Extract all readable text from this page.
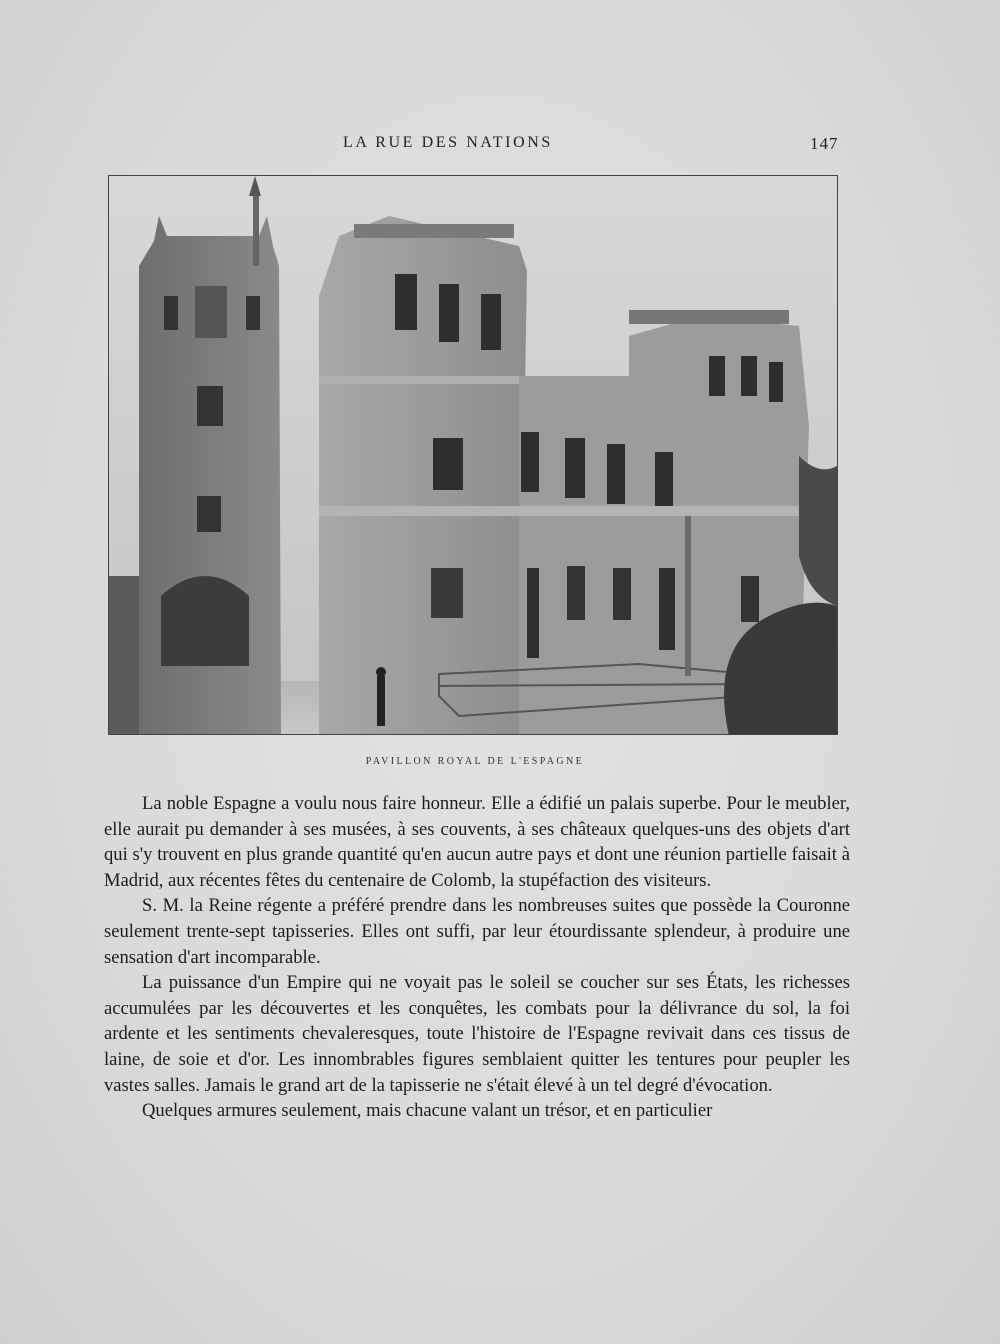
LA RUE DES NATIONS	147
PAVILLON ROYAL DE L'ESPAGNE

La noble Espagne a voulu nous faire honneur. Elle a édifié un palais superbe. Pour le meubler, elle aurait pu demander à ses musées, à ses couvents, à ses châteaux quelques-uns des objets d'art qui s'y trouvent en plus grande quantité qu'en aucun autre pays et dont une réunion partielle faisait à Madrid, aux récentes fêtes du centenaire de Colomb, la stupéfaction des visiteurs.

S. M. la Reine régente a préféré prendre dans les nombreuses suites que possède la Couronne seulement trente-sept tapisseries. Elles ont suffi, par leur étourdissante splendeur, à produire une sensation d'art incomparable.

La puissance d'un Empire qui ne voyait pas le soleil se coucher sur ses États, les richesses accumulées par les découvertes et les conquêtes, les combats pour la délivrance du sol, la foi ardente et les sentiments chevaleresques, toute l'histoire de l'Espagne revivait dans ces tissus de laine, de soie et d'or. Les innombrables figures semblaient quitter les tentures pour peupler les vastes salles. Jamais le grand art de la tapisserie ne s'était élevé à un tel degré d'évocation.

Quelques armures seulement, mais chacune valant un trésor, et en particulier
